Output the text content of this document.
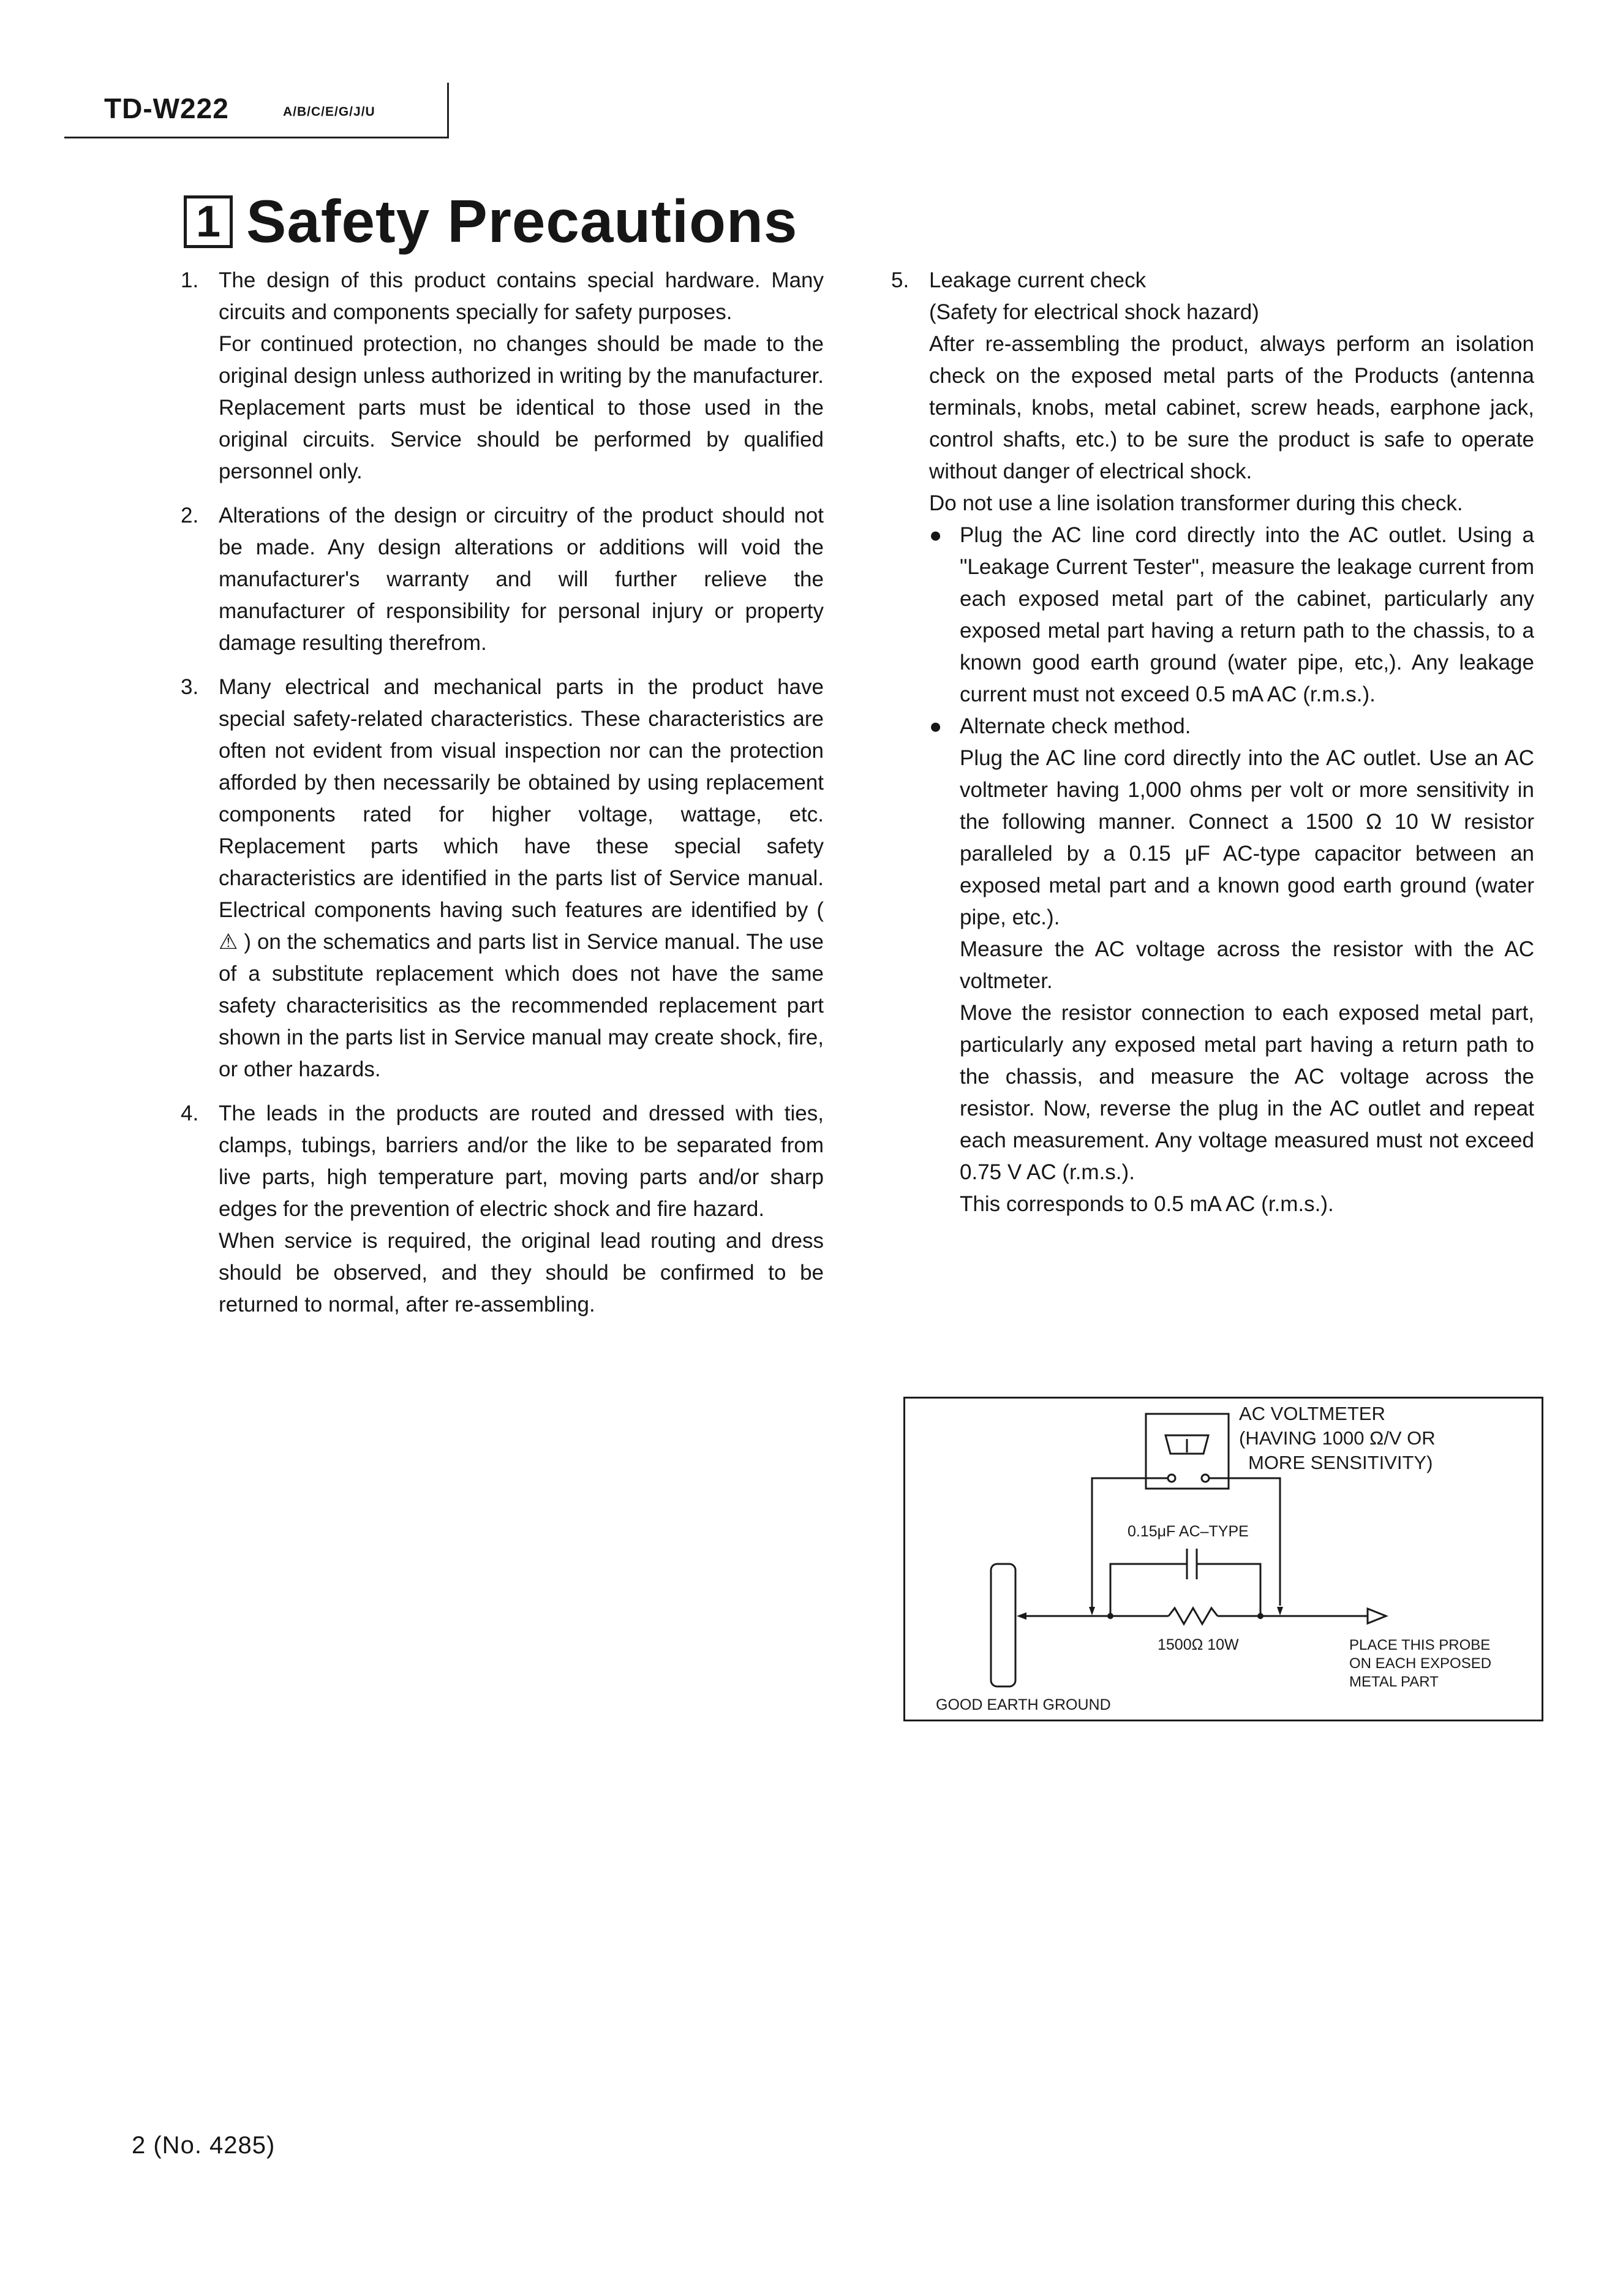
TD-W222	A/B/C/E/G/J/U
1 Safety Precautions
1. The design of this product contains special hardware. Many circuits and components specially for safety purposes.

For continued protection, no changes should be made to the original design unless authorized in writing by the manufacturer. Replacement parts must be identical to those used in the original circuits. Service should be performed by qualified personnel only.

2. Alterations of the design or circuitry of the product should not be made. Any design alterations or additions will void the manufacturer's warranty and will further relieve the manufacturer of responsibility for personal injury or property damage resulting therefrom.

3. Many electrical and mechanical parts in the product have special safety-related characteristics. These characteristics are often not evident from visual inspection nor can the protection afforded by then necessarily be obtained by using replacement components rated for higher voltage, wattage, etc. Replacement parts which have these special safety characteristics are identified in the parts list of Service manual. Electrical components having such features are identified by ( ⚠ ) on the schematics and parts list in Service manual. The use of a substitute replacement which does not have the same safety characterisitics as the recommended replacement part shown in the parts list in Service manual may create shock, fire, or other hazards.

4. The leads in the products are routed and dressed with ties, clamps, tubings, barriers and/or the like to be separated from live parts, high temperature part, moving parts and/or sharp edges for the prevention of electric shock and fire hazard.

When service is required, the original lead routing and dress should be observed, and they should be confirmed to be returned to normal, after re-assembling.

5. Leakage current check

(Safety for electrical shock hazard)

After re-assembling the product, always perform an isolation check on the exposed metal parts of the Products (antenna terminals, knobs, metal cabinet, screw heads, earphone jack, control shafts, etc.) to be sure the product is safe to operate without danger of electrical shock.

Do not use a line isolation transformer during this check.

● Plug the AC line cord directly into the AC outlet. Using a "Leakage Current Tester", measure the leakage current from each exposed metal part of the cabinet, particularly any exposed metal part having a return path to the chassis, to a known good earth ground (water pipe, etc,). Any leakage current must not exceed 0.5 mA AC (r.m.s.).

● Alternate check method.

Plug the AC line cord directly into the AC outlet. Use an AC voltmeter having 1,000 ohms per volt or more sensitivity in the following manner. Connect a 1500 Ω 10 W resistor paralleled by a 0.15 μF AC-type capacitor between an exposed metal part and a known good earth ground (water pipe, etc.).

Measure the AC voltage across the resistor with the AC voltmeter.

Move the resistor connection to each exposed metal part, particularly any exposed metal part having a return path to the chassis, and measure the AC voltage across the resistor. Now, reverse the plug in the AC outlet and repeat each measurement. Any voltage measured must not exceed 0.75 V AC (r.m.s.).

This corresponds to 0.5 mA AC (r.m.s.).

AC VOLTMETER
(HAVING 1000 Ω/V OR
MORE SENSITIVITY)
0.15μF AC–TYPE
1500Ω 10W	PLACE THIS PROBE
ON EACH EXPOSED
METAL PART
GOOD EARTH GROUND
2 (No. 4285)
